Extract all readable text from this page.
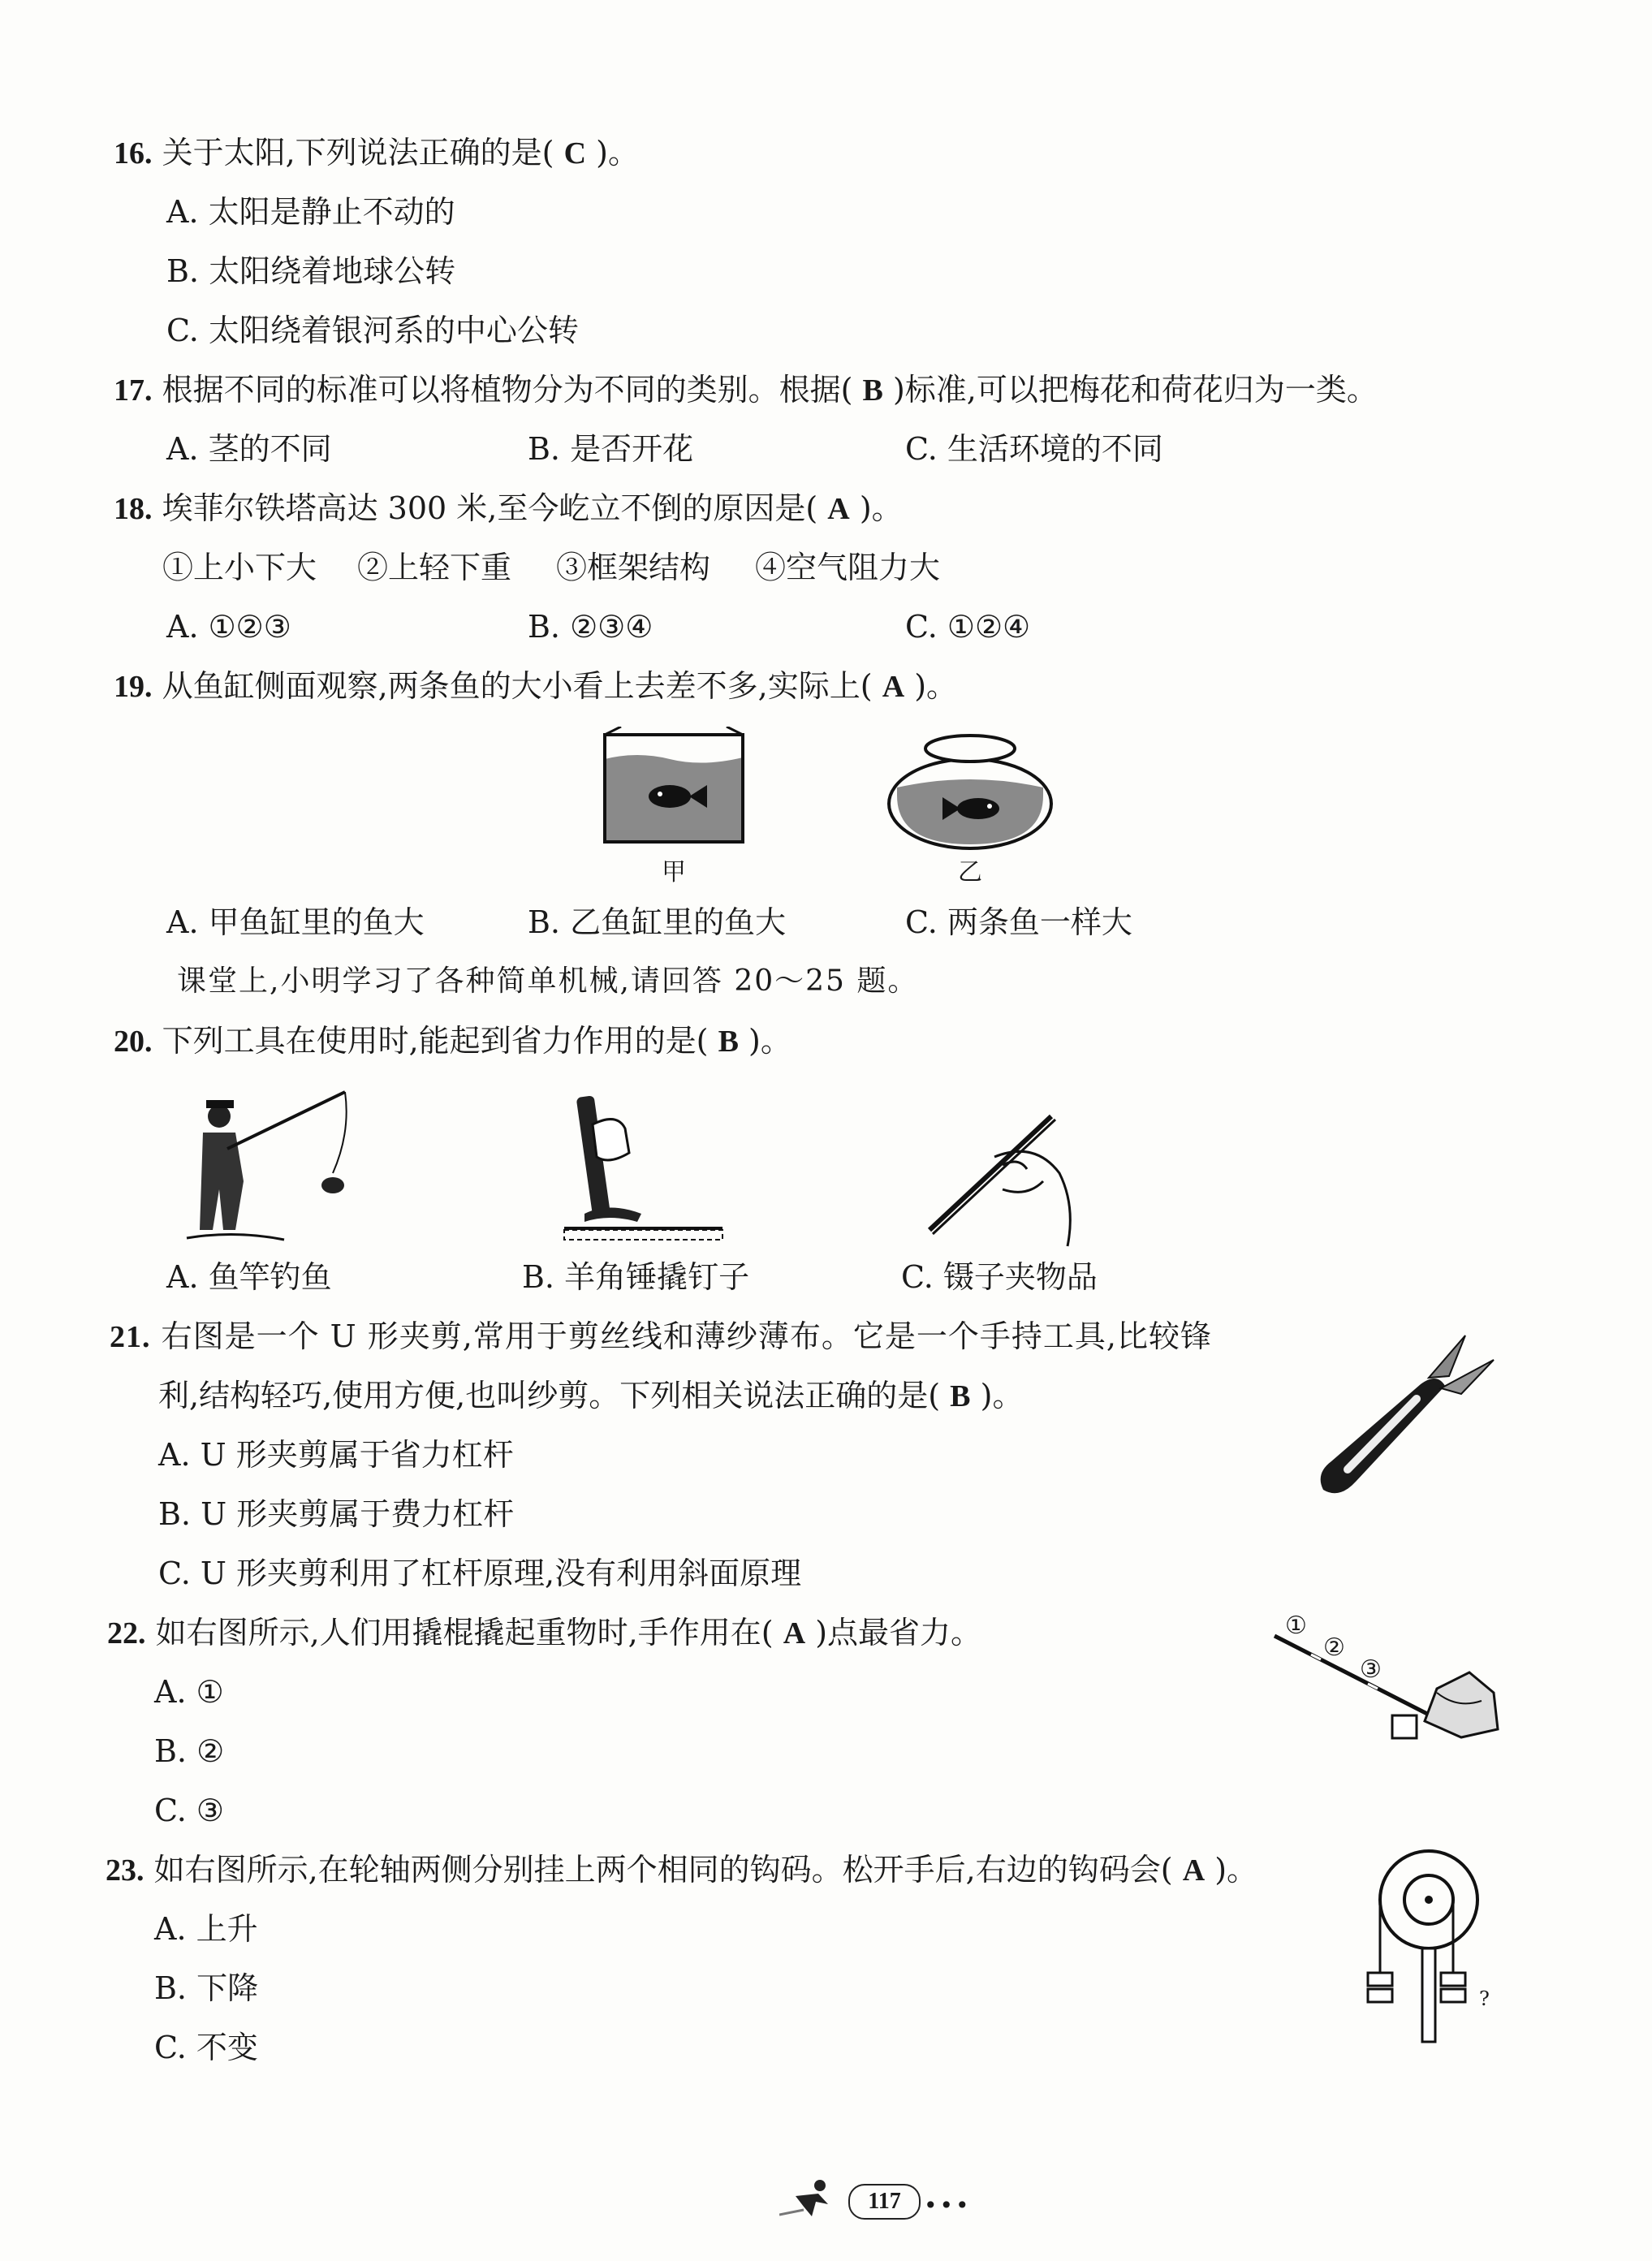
16. 关于太阳,下列说法正确的是( C )。
A. 太阳是静止不动的
B. 太阳绕着地球公转
C. 太阳绕着银河系的中心公转
17. 根据不同的标准可以将植物分为不同的类别。根据( B )标准,可以把梅花和荷花归为一类。
A. 茎的不同	B. 是否开花	C. 生活环境的不同
18. 埃菲尔铁塔高达 300 米,至今屹立不倒的原因是( A )。
①上小下大 ②上轻下重 ③框架结构 ④空气阻力大
A. ①②③	B. ②③④	C. ①②④
19. 从鱼缸侧面观察,两条鱼的大小看上去差不多,实际上( A )。
甲	乙
A. 甲鱼缸里的鱼大	B. 乙鱼缸里的鱼大	C. 两条鱼一样大
课堂上,小明学习了各种简单机械,请回答 20～25 题。
20. 下列工具在使用时,能起到省力作用的是( B )。
A. 鱼竿钓鱼	B. 羊角锤撬钉子	C. 镊子夹物品
21. 右图是一个 U 形夹剪,常用于剪丝线和薄纱薄布。它是一个手持工具,比较锋
利,结构轻巧,使用方便,也叫纱剪。下列相关说法正确的是( B )。
A. U 形夹剪属于省力杠杆
B. U 形夹剪属于费力杠杆
C. U 形夹剪利用了杠杆原理,没有利用斜面原理
22. 如右图所示,人们用撬棍撬起重物时,手作用在( A )点最省力。	①
②
③
A. ①
B. ②
C. ③
23. 如右图所示,在轮轴两侧分别挂上两个相同的钩码。松开手后,右边的钩码会( A )。
?
A. 上升
B. 下降
C. 不变
117	•••
